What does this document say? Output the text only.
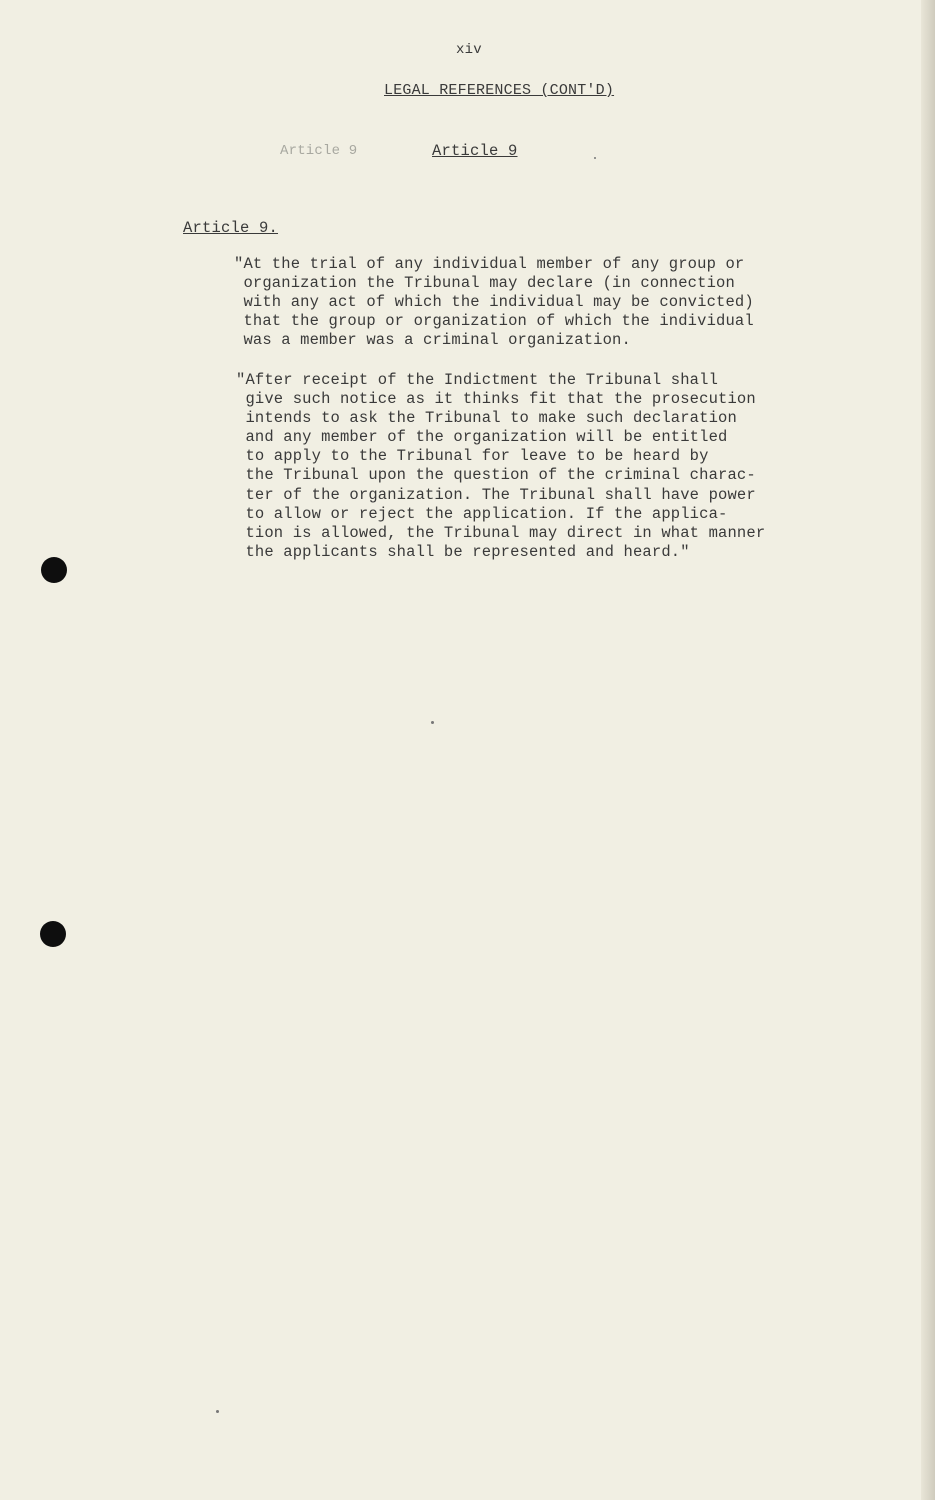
xiv
LEGAL REFERENCES (CONT'D)
Article 9	Article 9
Article 9.
"At the trial of any individual member of any group or
organization the Tribunal may declare (in connection
with any act of which the individual may be convicted)
that the group or organization of which the individual
was a member was a criminal organization.
"After receipt of the Indictment the Tribunal shall
give such notice as it thinks fit that the prosecution
intends to ask the Tribunal to make such declaration
and any member of the organization will be entitled
to apply to the Tribunal for leave to be heard by
the Tribunal upon the question of the criminal charac-
ter of the organization. The Tribunal shall have power
to allow or reject the application. If the applica-
tion is allowed, the Tribunal may direct in what manner
the applicants shall be represented and heard."
